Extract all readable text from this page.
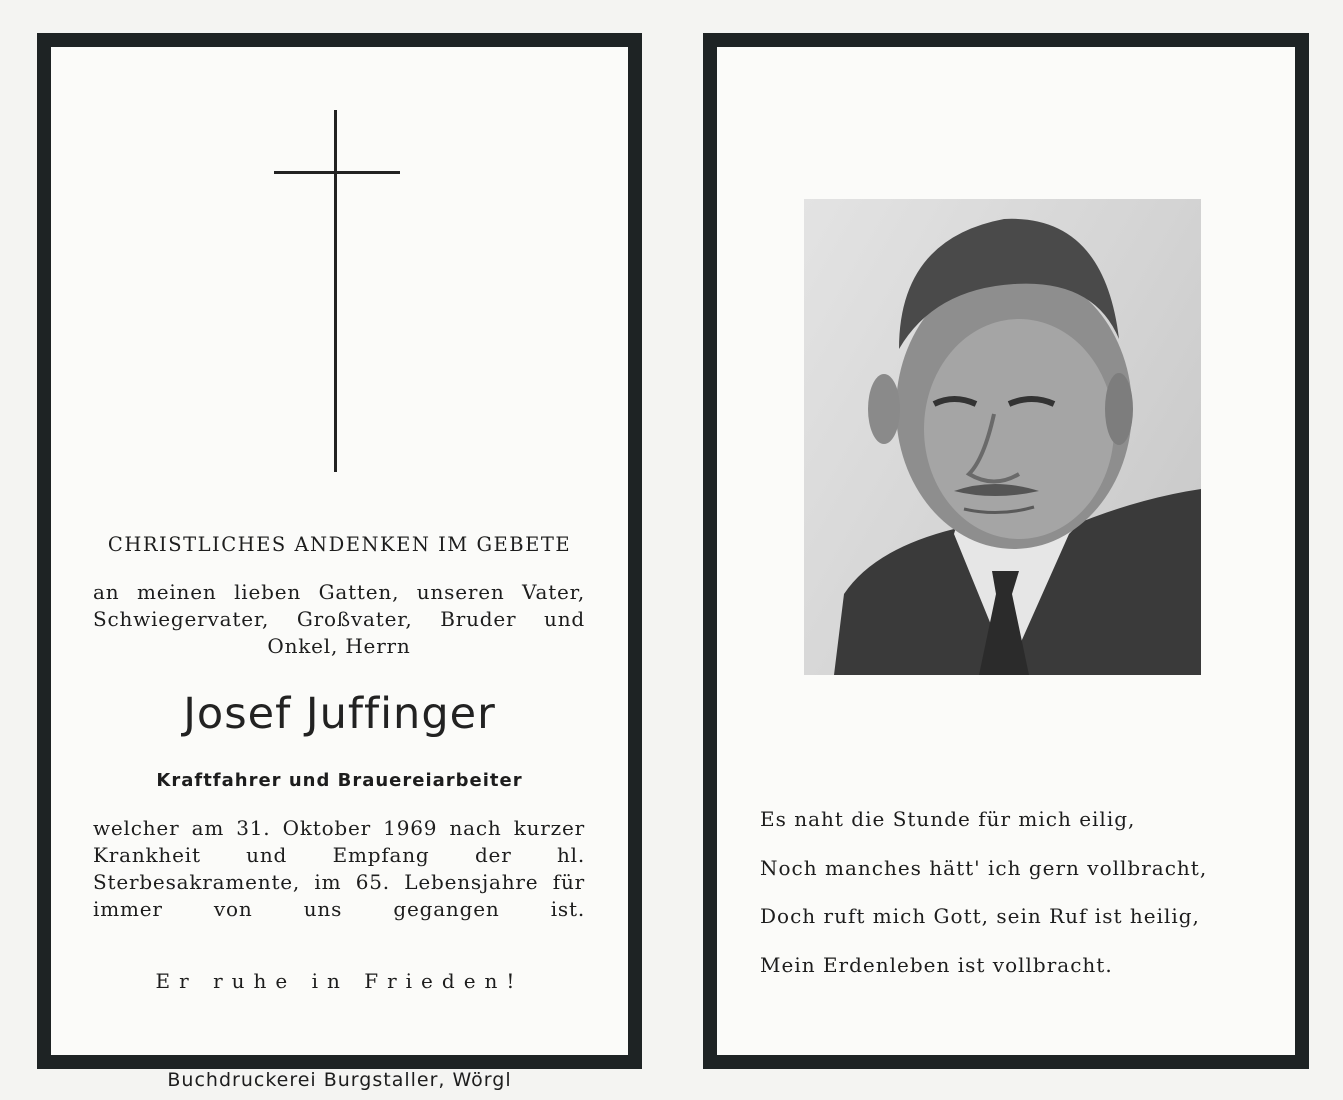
CHRISTLICHES ANDENKEN IM GEBETE
an meinen lieben Gatten, unseren Vater, Schwiegervater, Großvater, Bruder und Onkel, Herrn
Josef Juffinger
Kraftfahrer und Brauereiarbeiter
welcher am 31. Oktober 1969 nach kurzer Krankheit und Empfang der hl. Sterbesakramente, im 65. Lebensjahre für immer von uns gegangen ist.
Er ruhe in Frieden!
Buchdruckerei Burgstaller, Wörgl
Es naht die Stunde für mich eilig,
Noch manches hätt' ich gern vollbracht,
Doch ruft mich Gott, sein Ruf ist heilig,
Mein Erdenleben ist vollbracht.
